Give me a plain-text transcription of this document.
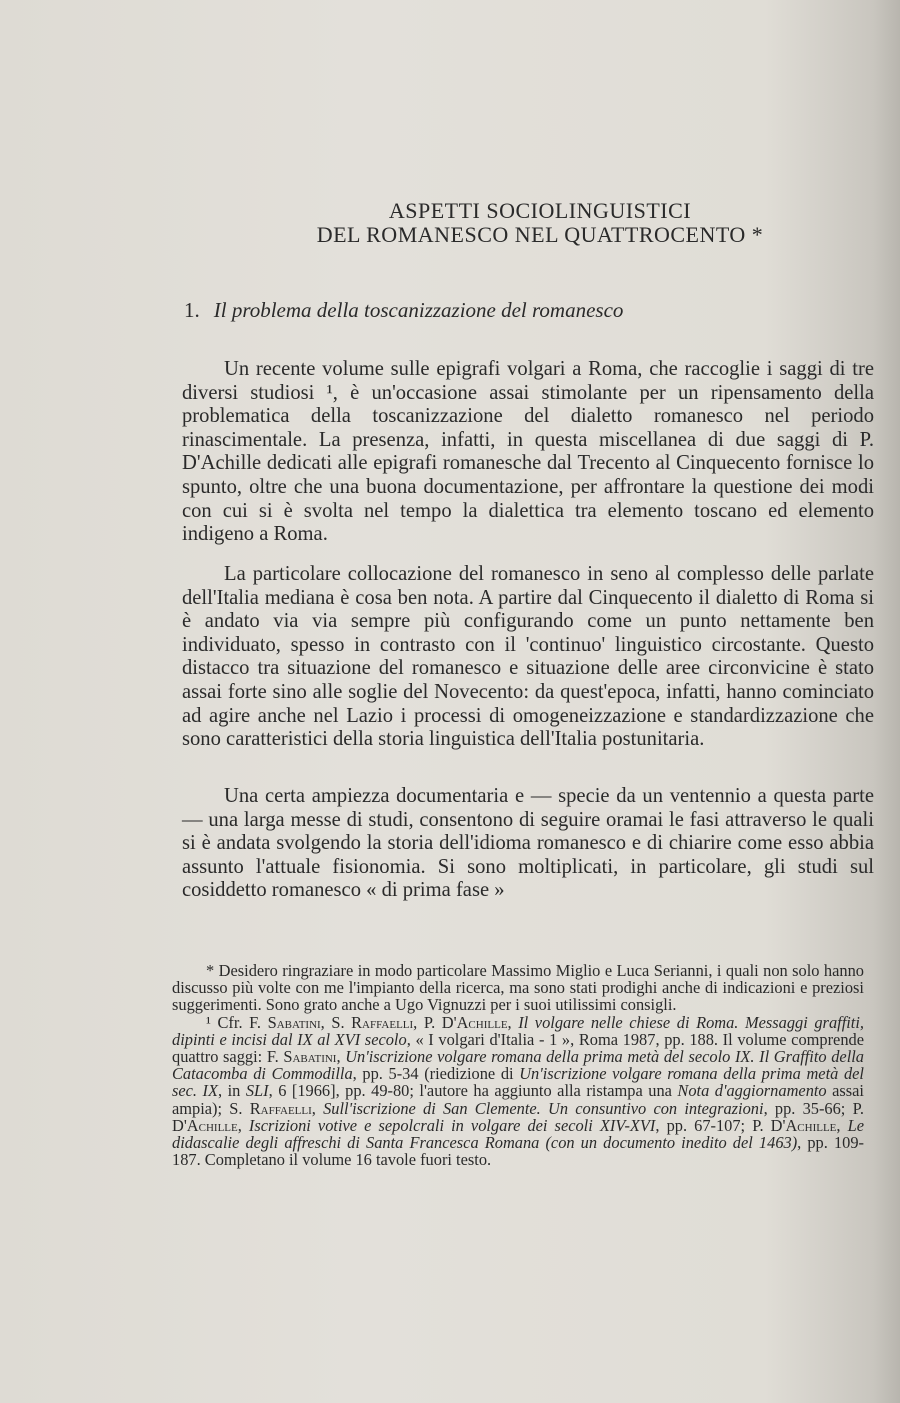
ASPETTI SOCIOLINGUISTICI
DEL ROMANESCO NEL QUATTROCENTO *
1. Il problema della toscanizzazione del romanesco

Un recente volume sulle epigrafi volgari a Roma, che raccoglie i saggi di tre diversi studiosi ¹, è un'occasione assai stimolante per un ripensamento della problematica della toscanizzazione del dialetto romanesco nel periodo rinascimentale. La presenza, infatti, in questa miscellanea di due saggi di P. D'Achille dedicati alle epigrafi romanesche dal Trecento al Cinquecento fornisce lo spunto, oltre che una buona documentazione, per affrontare la questione dei modi con cui si è svolta nel tempo la dialettica tra elemento toscano ed elemento indigeno a Roma.

La particolare collocazione del romanesco in seno al complesso delle parlate dell'Italia mediana è cosa ben nota. A partire dal Cinquecento il dialetto di Roma si è andato via via sempre più configurando come un punto nettamente ben individuato, spesso in contrasto con il 'continuo' linguistico circostante. Questo distacco tra situazione del romanesco e situazione delle aree circonvicine è stato assai forte sino alle soglie del Novecento: da quest'epoca, infatti, hanno cominciato ad agire anche nel Lazio i processi di omogeneizzazione e standardizzazione che sono caratteristici della storia linguistica dell'Italia postunitaria.

Una certa ampiezza documentaria e — specie da un ventennio a questa parte — una larga messe di studi, consentono di seguire oramai le fasi attraverso le quali si è andata svolgendo la storia dell'idioma romanesco e di chiarire come esso abbia assunto l'attuale fisionomia. Si sono moltiplicati, in particolare, gli studi sul cosiddetto romanesco « di prima fase »

* Desidero ringraziare in modo particolare Massimo Miglio e Luca Serianni, i quali non solo hanno discusso più volte con me l'impianto della ricerca, ma sono stati prodighi anche di indicazioni e preziosi suggerimenti. Sono grato anche a Ugo Vignuzzi per i suoi utilissimi consigli.

¹ Cfr. F. Sabatini, S. Raffaelli, P. D'Achille, Il volgare nelle chiese di Roma. Messaggi graffiti, dipinti e incisi dal IX al XVI secolo, « I volgari d'Italia - 1 », Roma 1987, pp. 188. Il volume comprende quattro saggi: F. Sabatini, Un'iscrizione volgare romana della prima metà del secolo IX. Il Graffito della Catacomba di Commodilla, pp. 5-34 (riedizione di Un'iscrizione volgare romana della prima metà del sec. IX, in SLI, 6 [1966], pp. 49-80; l'autore ha aggiunto alla ristampa una Nota d'aggiornamento assai ampia); S. Raffaelli, Sull'iscrizione di San Clemente. Un consuntivo con integrazioni, pp. 35-66; P. D'Achille, Iscrizioni votive e sepolcrali in volgare dei secoli XIV-XVI, pp. 67-107; P. D'Achille, Le didascalie degli affreschi di Santa Francesca Romana (con un documento inedito del 1463), pp. 109-187. Completano il volume 16 tavole fuori testo.
